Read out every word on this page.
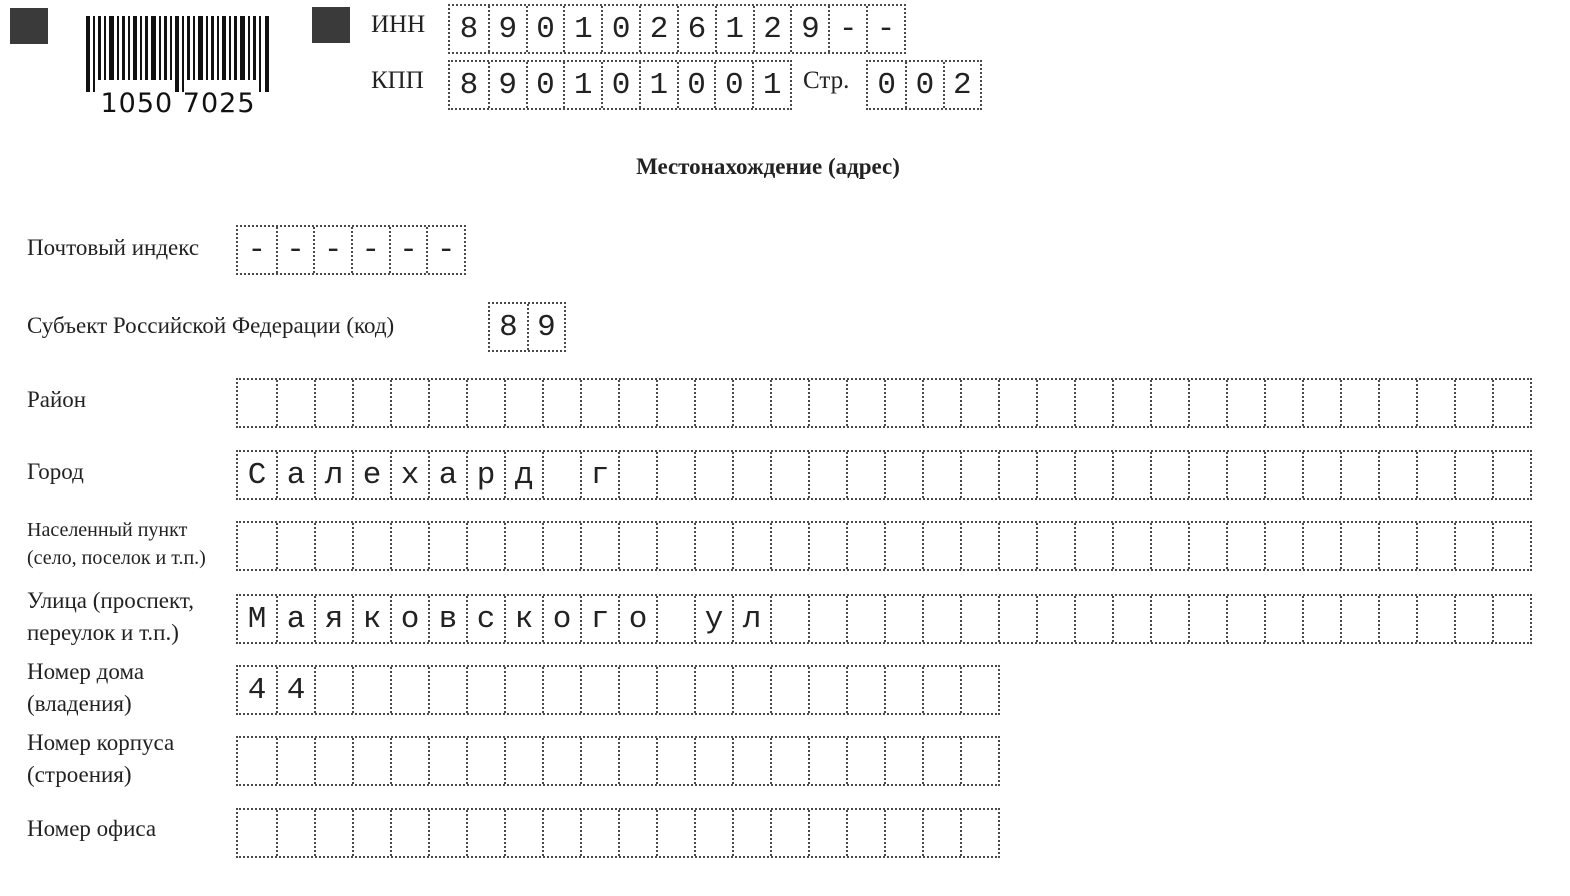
1050 7025
ИНН	8 9 0 1 0 2 6 1 2 9 - -
КПП	8 9 0 1 0 1 0 0 1 Стр. 0 0 2
Местонахождение (адрес)
Почтовый индекс	- - - - - -
Субъект Российской Федерации (код)	8 9
Район
Город	С а л е х а р д	г
Населенный пункт
(село, поселок и т.п.)
Улица (проспект,
переулок и т.п.)	М а я к о в с к о г о	у л
Номер дома
(владения)	4 4
Номер корпуса
(строения)
Номер офиса
